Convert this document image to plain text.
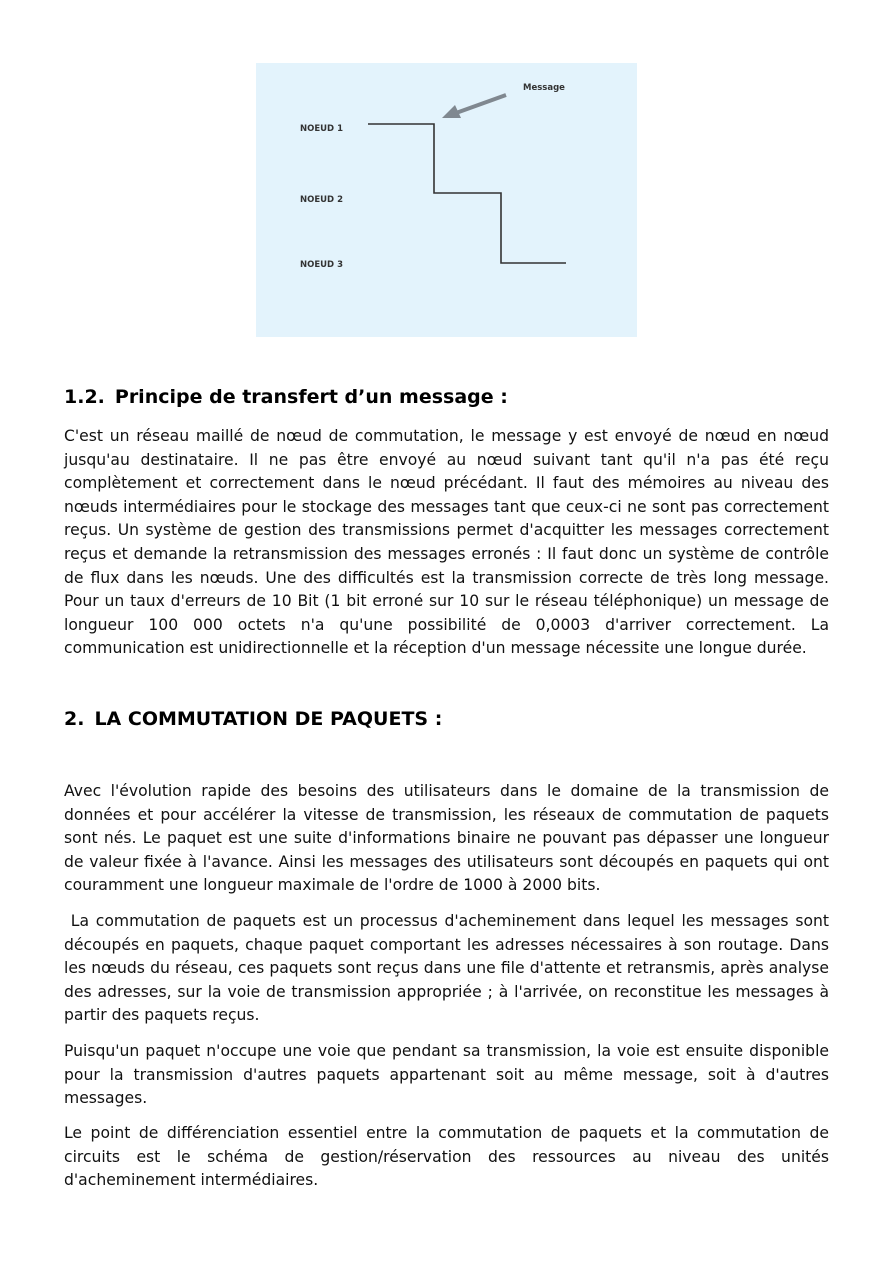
Message
NOEUD 1
NOEUD 2
NOEUD 3
1.2. Principe de transfert d’un message :

C'est un réseau maillé de nœud de commutation, le message y est envoyé de nœud en nœud jusqu'au destinataire. Il ne pas être envoyé au nœud suivant tant qu'il n'a pas été reçu complètement et correctement dans le nœud précédant. Il faut des mémoires au niveau des nœuds intermédiaires pour le stockage des messages tant que ceux-ci ne sont pas correctement reçus. Un système de gestion des transmissions permet d'acquitter les messages correctement reçus et demande la retransmission des messages erronés : Il faut donc un système de contrôle de flux dans les nœuds. Une des difficultés est la transmission correcte de très long message. Pour un taux d'erreurs de 10 Bit (1 bit erroné sur 10 sur le réseau téléphonique) un message de longueur 100 000 octets n'a qu'une possibilité de 0,0003 d'arriver correctement. La communication est unidirectionnelle et la réception d'un message nécessite une longue durée.

2. LA COMMUTATION DE PAQUETS :

Avec l'évolution rapide des besoins des utilisateurs dans le domaine de la transmission de données et pour accélérer la vitesse de transmission, les réseaux de commutation de paquets sont nés. Le paquet est une suite d'informations binaire ne pouvant pas dépasser une longueur de valeur fixée à l'avance. Ainsi les messages des utilisateurs sont découpés en paquets qui ont couramment une longueur maximale de l'ordre de 1000 à 2000 bits.

La commutation de paquets est un processus d'acheminement dans lequel les messages sont découpés en paquets, chaque paquet comportant les adresses nécessaires à son routage. Dans les nœuds du réseau, ces paquets sont reçus dans une file d'attente et retransmis, après analyse des adresses, sur la voie de transmission appropriée ; à l'arrivée, on reconstitue les messages à partir des paquets reçus.

Puisqu'un paquet n'occupe une voie que pendant sa transmission, la voie est ensuite disponible pour la transmission d'autres paquets appartenant soit au même message, soit à d'autres messages.

Le point de différenciation essentiel entre la commutation de paquets et la commutation de circuits est le schéma de gestion/réservation des ressources au niveau des unités d'acheminement intermédiaires.
